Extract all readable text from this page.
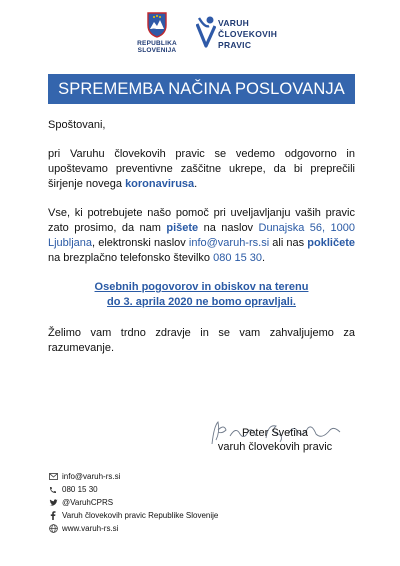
REPUBLIKA
SLOVENIJA
VARUH
ČLOVEKOVIH
PRAVIC
SPREMEMBA NAČINA POSLOVANJA

Spoštovani,

pri Varuhu človekovih pravic se vedemo odgovorno in upoštevamo preventivne zaščitne ukrepe, da bi preprečili širjenje novega koronavirusa.

Vse, ki potrebujete našo pomoč pri uveljavljanju vaših pravic zato prosimo, da nam pišete na naslov Dunajska 56, 1000 Ljubljana, elektronski naslov info@varuh-rs.si ali nas pokličete na brezplačno telefonsko številko 080 15 30.

Osebnih pogovorov in obiskov na terenu
do 3. aprila 2020 ne bomo opravljali.

Želimo vam trdno zdravje in se vam zahvaljujemo za razumevanje.

Peter Svetina
varuh človekovih pravic
info@varuh-rs.si
080 15 30
@VaruhCPRS
Varuh človekovih pravic Republike Slovenije
www.varuh-rs.si
